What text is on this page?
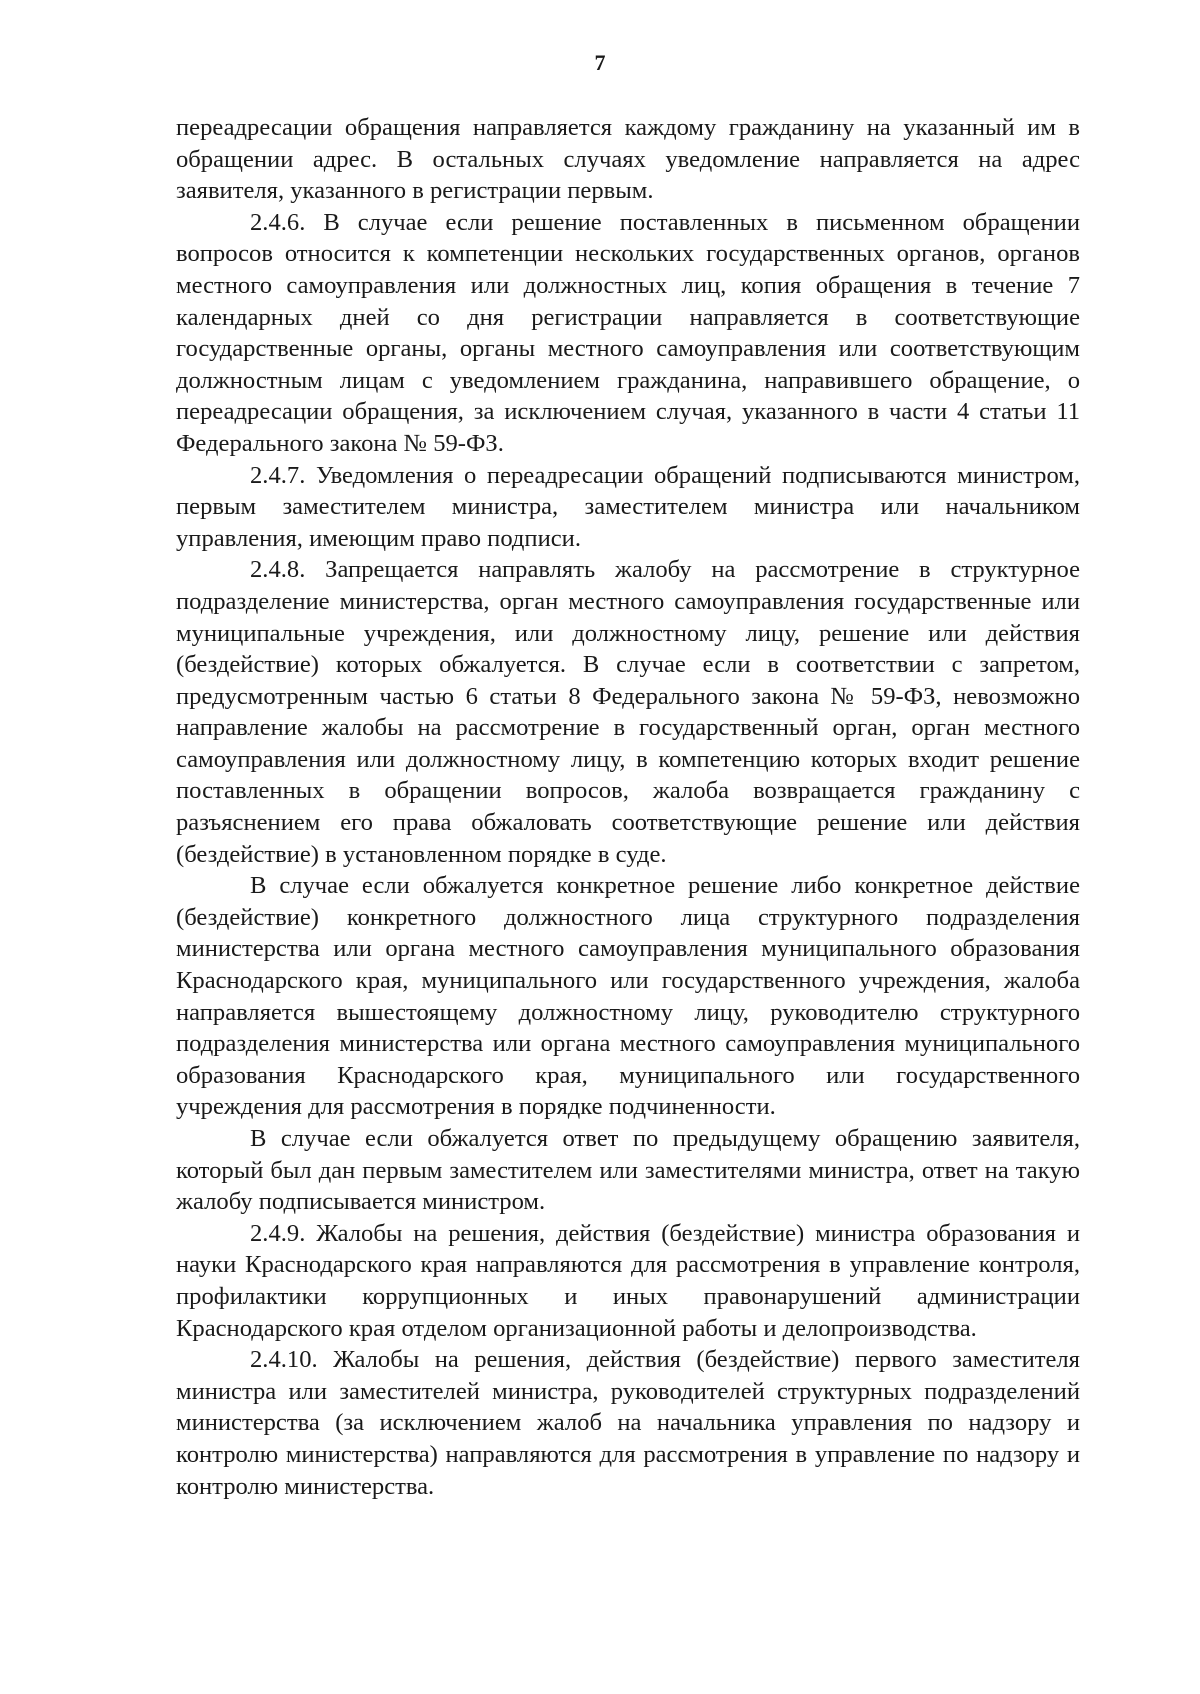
7

переадресации обращения направляется каждому гражданину на указанный им в обращении адрес. В остальных случаях уведомление направляется на адрес заявителя, указанного в регистрации первым.

2.4.6. В случае если решение поставленных в письменном обращении вопросов относится к компетенции нескольких государственных органов, органов местного самоуправления или должностных лиц, копия обращения в течение 7 календарных дней со дня регистрации направляется в соответствующие государственные органы, органы местного самоуправления или соответствующим должностным лицам с уведомлением гражданина, направившего обращение, о переадресации обращения, за исключением случая, указанного в части 4 статьи 11 Федерального закона № 59-ФЗ.

2.4.7. Уведомления о переадресации обращений подписываются министром, первым заместителем министра, заместителем министра или начальником управления, имеющим право подписи.

2.4.8. Запрещается направлять жалобу на рассмотрение в структурное подразделение министерства, орган местного самоуправления государственные или муниципальные учреждения, или должностному лицу, решение или действия (бездействие) которых обжалуется. В случае если в соответствии с запретом, предусмотренным частью 6 статьи 8 Федерального закона № 59-ФЗ, невозможно направление жалобы на рассмотрение в государственный орган, орган местного самоуправления или должностному лицу, в компетенцию которых входит решение поставленных в обращении вопросов, жалоба возвращается гражданину с разъяснением его права обжаловать соответствующие решение или действия (бездействие) в установленном порядке в суде.

В случае если обжалуется конкретное решение либо конкретное действие (бездействие) конкретного должностного лица структурного подразделения министерства или органа местного самоуправления муниципального образования Краснодарского края, муниципального или государственного учреждения, жалоба направляется вышестоящему должностному лицу, руководителю структурного подразделения министерства или органа местного самоуправления муниципального образования Краснодарского края, муниципального или государственного учреждения для рассмотрения в порядке подчиненности.

В случае если обжалуется ответ по предыдущему обращению заявителя, который был дан первым заместителем или заместителями министра, ответ на такую жалобу подписывается министром.

2.4.9. Жалобы на решения, действия (бездействие) министра образования и науки Краснодарского края направляются для рассмотрения в управление контроля, профилактики коррупционных и иных правонарушений администрации Краснодарского края отделом организационной работы и делопроизводства.

2.4.10. Жалобы на решения, действия (бездействие) первого заместителя министра или заместителей министра, руководителей структурных подразделений министерства (за исключением жалоб на начальника управления по надзору и контролю министерства) направляются для рассмотрения в управление по надзору и контролю министерства.
